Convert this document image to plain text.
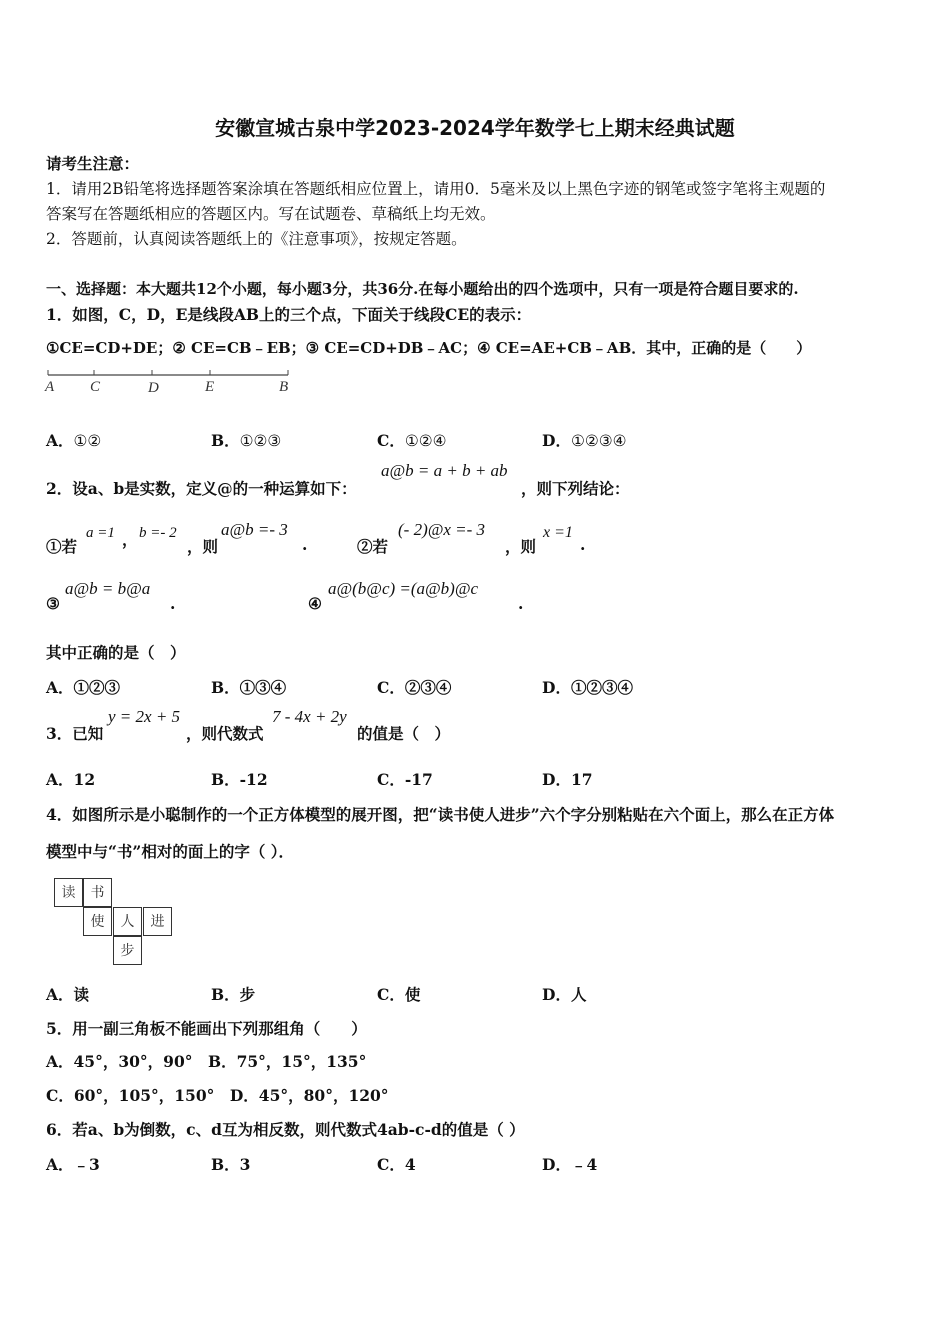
安徽宣城古泉中学2023-2024学年数学七上期末经典试题
请考生注意：
1．请用2B铅笔将选择题答案涂填在答题纸相应位置上，请用0．5毫米及以上黑色字迹的钢笔或签字笔将主观题的
答案写在答题纸相应的答题区内。写在试题卷、草稿纸上均无效。
2．答题前，认真阅读答题纸上的《注意事项》，按规定答题。
一、选择题：本大题共12个小题，每小题3分，共36分.在每小题给出的四个选项中，只有一项是符合题目要求的.
1．如图，C，D，E是线段AB上的三个点，下面关于线段CE的表示：
①CE=CD+DE；② CE=CB﹣EB；③ CE=CD+DB﹣AC；④ CE=AE+CB﹣AB．其中，正确的是（　　）
A C	D	E	B
A．①②	B．①②③	C．①②④	D．①②③④
2．设a、b是实数，定义@的一种运算如下：
a@b = a + b + ab
，则下列结论：
①若
a =1 ， b =- 2
，则
a@b =- 3
.	②若
(- 2)@x =- 3
，则
x =1
.
③
a@b = b@a
.	④
a@(b@c) =(a@b)@c
.
其中正确的是（　）
A．①②③	B．①③④	C．②③④	D．①②③④
3．已知
y = 2x + 5
，则代数式
7 - 4x + 2y
的值是（　）
A．12	B．-12	C．-17	D．17
4．如图所示是小聪制作的一个正方体模型的展开图，把“读书使人进步”六个字分别粘贴在六个面上，那么在正方体
模型中与“书”相对的面上的字（ ）．
读	书
使	人	进
步
A．读	B．步	C．使	D．人
5．用一副三角板不能画出下列那组角（　　）
A．45°，30°，90°　B．75°，15°，135°
C．60°，105°，150°　D．45°，80°，120°
6．若a、b为倒数，c、d互为相反数，则代数式4ab-c-d的值是（ ）
A．﹣3	B．3	C．4	D．﹣4
